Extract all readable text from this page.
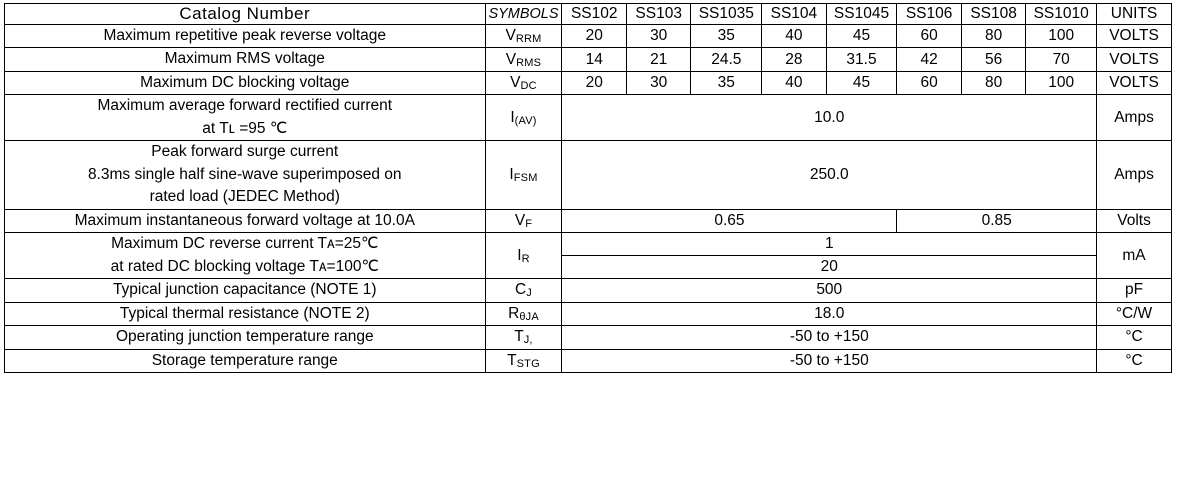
Catalog Number	SYMBOLS	SS102	SS103	SS1035	SS104	SS1045	SS106	SS108	SS1010	UNITS
Maximum repetitive peak reverse voltage	$V_{RRM}$	20	30	35	40	45	60	80	100	VOLTS
Maximum RMS voltage	$V_{RMS}$	14	21	24.5	28	31.5	42	56	70	VOLTS
Maximum DC blocking voltage	$V_{DC}$	20	30	35	40	45	60	80	100	VOLTS

Maximum average forward rectified current
at Tʟ =95 ℃	$I_{(AV)}$	10.0								Amps

Peak forward surge current
8.3ms single half sine-wave superimposed on
rated load (JEDEC Method)	$I_{FSM}$	250.0								Amps
Maximum instantaneous forward voltage at 10.0A	$V_F$	0.65					0.85			Volts

Maximum DC reverse current Tᴀ=25℃
at rated DC blocking voltage Tᴀ=100℃	$I_R$	1								mA
		20								
Typical junction capacitance (NOTE 1)	$C_J$	500								pF
Typical thermal resistance (NOTE 2)	$R_{\theta JA}$	18.0								°C/W
Operating junction temperature range	$T_{J,}$	-50 to +150								°C
Storage temperature range	$T_{STG}$	-50 to +150								°C
